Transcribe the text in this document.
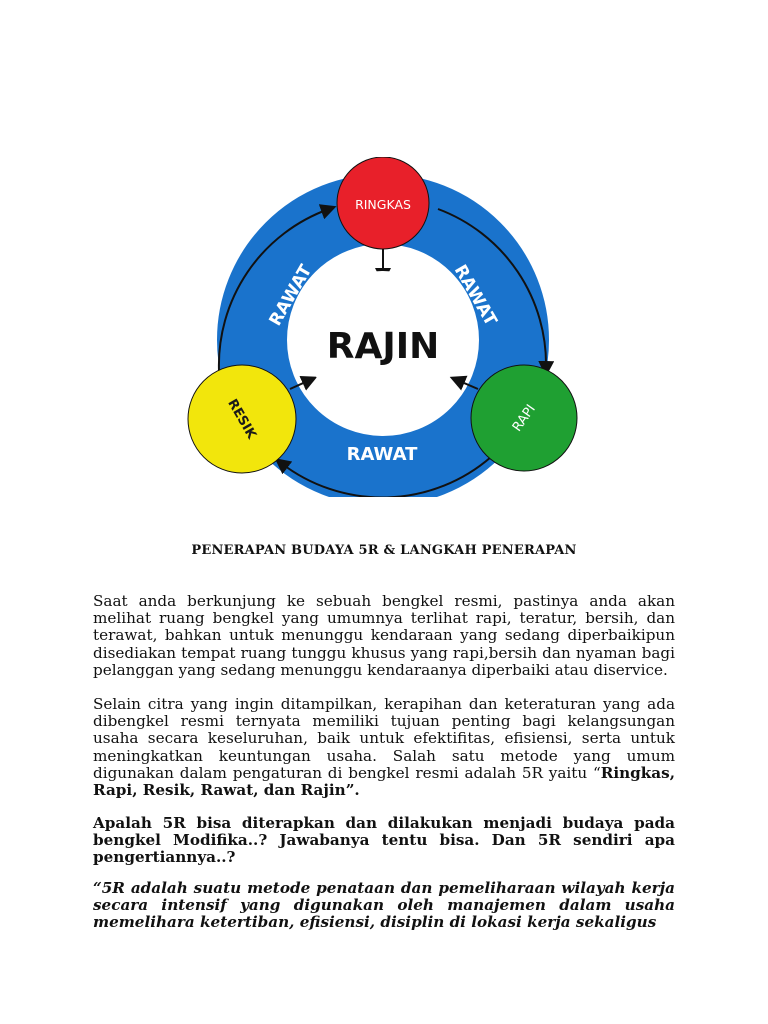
RAJIN
RINGKAS
RAPI
RESIK
RAWAT	RAWAT
RAWAT
PENERAPAN BUDAYA 5R & LANGKAH PENERAPAN

Saat anda berkunjung ke sebuah bengkel resmi, pastinya anda akan melihat ruang bengkel yang umumnya terlihat rapi, teratur, bersih, dan terawat, bahkan untuk menunggu kendaraan yang sedang diperbaikipun disediakan tempat ruang tunggu khusus yang rapi,bersih dan nyaman bagi pelanggan yang sedang menunggu kendaraanya diperbaiki atau diservice.

Selain citra yang ingin ditampilkan, kerapihan dan keteraturan yang ada dibengkel resmi ternyata memiliki tujuan penting bagi kelangsungan usaha secara keseluruhan, baik untuk efektifitas, efisiensi, serta untuk meningkatkan keuntungan usaha. Salah satu metode yang umum digunakan dalam pengaturan di bengkel resmi adalah 5R yaitu “Ringkas, Rapi, Resik, Rawat, dan Rajin”.

Apalah 5R bisa diterapkan dan dilakukan menjadi budaya pada bengkel Modifika..? Jawabanya tentu bisa. Dan 5R sendiri apa pengertiannya..?

“5R adalah suatu metode penataan dan pemeliharaan wilayah kerja secara intensif yang digunakan oleh manajemen dalam usaha memelihara ketertiban, efisiensi, disiplin di lokasi kerja sekaligus
